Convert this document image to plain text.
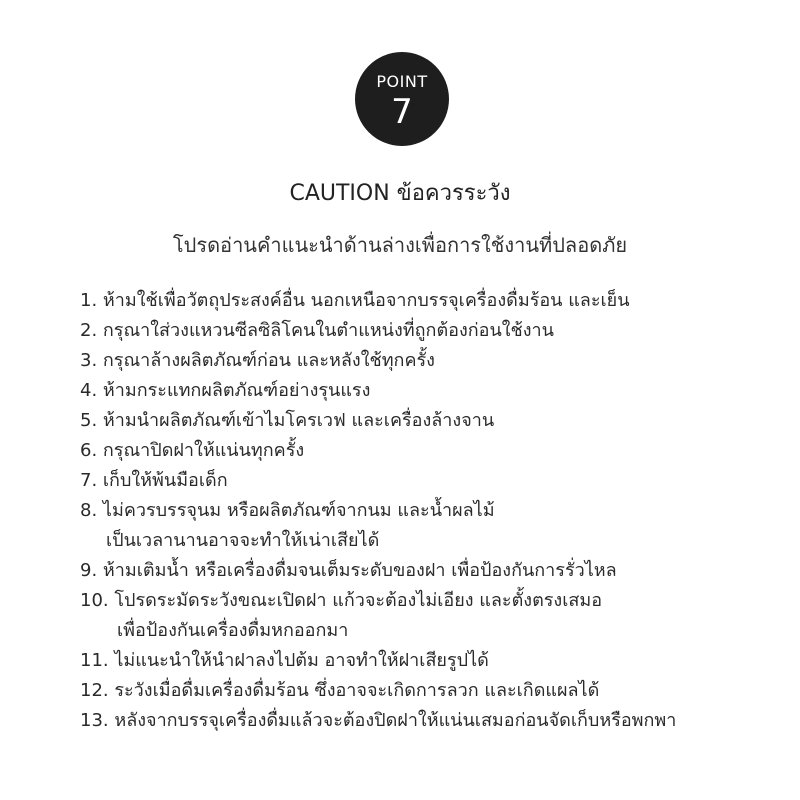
POINT
7
CAUTION ข้อควรระวัง
โปรดอ่านคำแนะนำด้านล่างเพื่อการใช้งานที่ปลอดภัย
1. ห้ามใช้เพื่อวัตถุประสงค์อื่น นอกเหนือจากบรรจุเครื่องดื่มร้อน และเย็น
2. กรุณาใส่วงแหวนซีลซิลิโคนในตำแหน่งที่ถูกต้องก่อนใช้งาน
3. กรุณาล้างผลิตภัณฑ์ก่อน และหลังใช้ทุกครั้ง
4. ห้ามกระแทกผลิตภัณฑ์อย่างรุนแรง
5. ห้ามนำผลิตภัณฑ์เข้าไมโครเวฟ และเครื่องล้างจาน
6. กรุณาปิดฝาให้แน่นทุกครั้ง
7. เก็บให้พ้นมือเด็ก
8. ไม่ควรบรรจุนม หรือผลิตภัณฑ์จากนม และน้ำผลไม้
เป็นเวลานานอาจจะทำให้เน่าเสียได้
9. ห้ามเติมน้ำ หรือเครื่องดื่มจนเต็มระดับของฝา เพื่อป้องกันการรั่วไหล
10. โปรดระมัดระวังขณะเปิดฝา แก้วจะต้องไม่เอียง และตั้งตรงเสมอ
เพื่อป้องกันเครื่องดื่มหกออกมา
11. ไม่แนะนำให้นำฝาลงไปต้ม อาจทำให้ฝาเสียรูปได้
12. ระวังเมื่อดื่มเครื่องดื่มร้อน ซึ่งอาจจะเกิดการลวก และเกิดแผลได้
13. หลังจากบรรจุเครื่องดื่มแล้วจะต้องปิดฝาให้แน่นเสมอก่อนจัดเก็บหรือพกพา
